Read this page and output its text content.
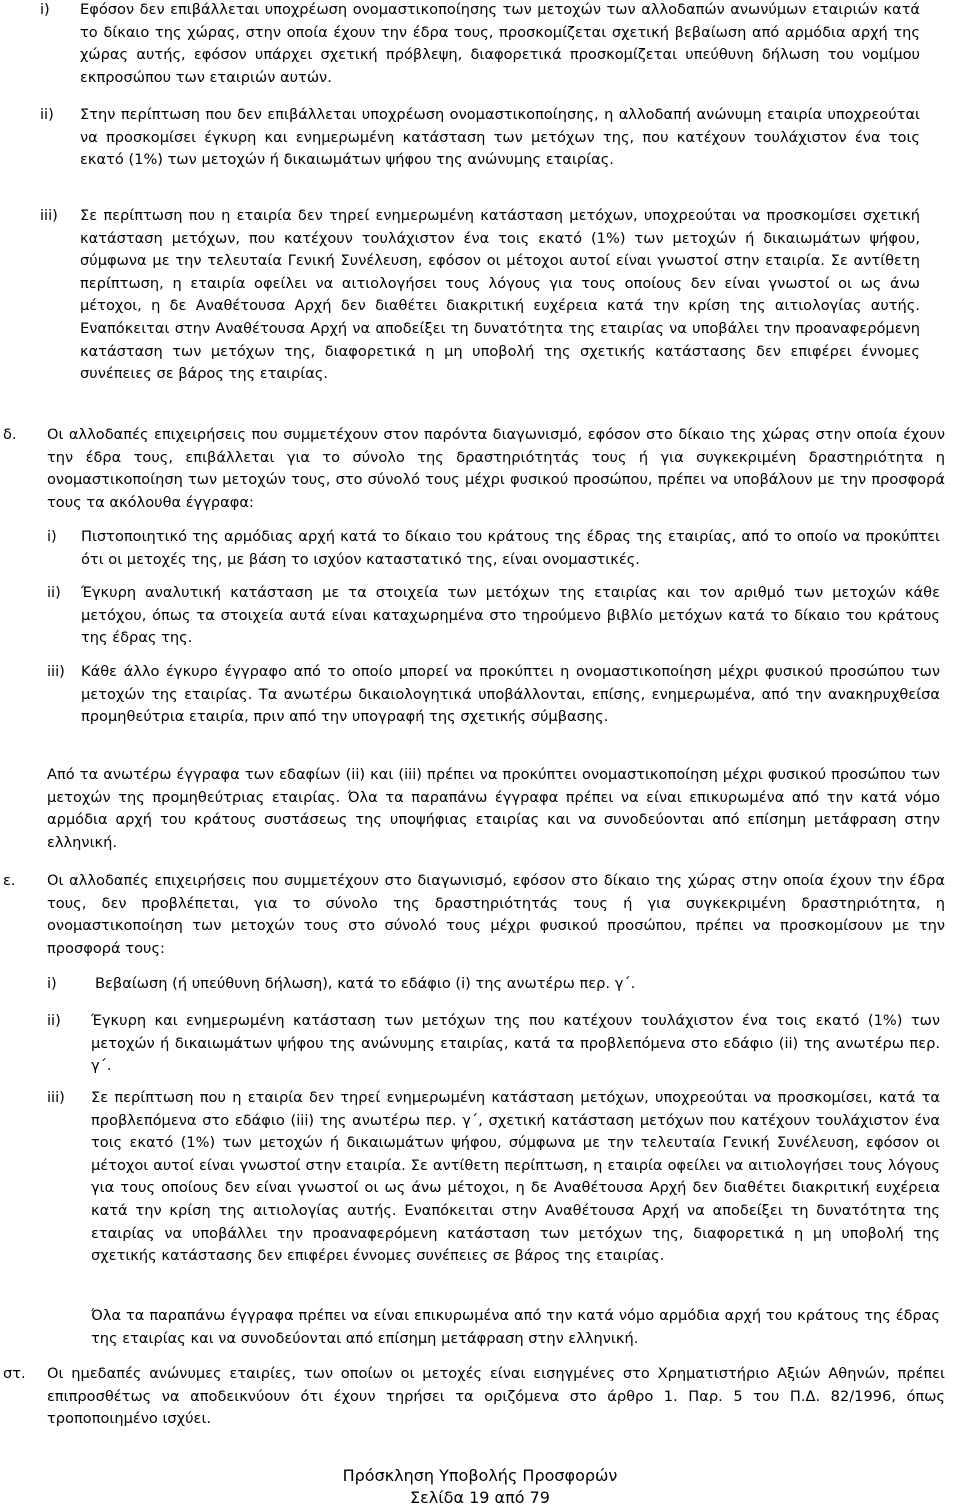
i) Εφόσον δεν επιβάλλεται υποχρέωση ονομαστικοποίησης των μετοχών των αλλοδαπών ανωνύμων εταιριών κατά το δίκαιο της χώρας, στην οποία έχουν την έδρα τους, προσκομίζεται σχετική βεβαίωση από αρμόδια αρχή της χώρας αυτής, εφόσον υπάρχει σχετική πρόβλεψη, διαφορετικά προσκομίζεται υπεύθυνη δήλωση του νομίμου εκπροσώπου των εταιριών αυτών.
ii) Στην περίπτωση που δεν επιβάλλεται υποχρέωση ονομαστικοποίησης, η αλλοδαπή ανώνυμη εταιρία υποχρεούται να προσκομίσει έγκυρη και ενημερωμένη κατάσταση των μετόχων της, που κατέχουν τουλάχιστον ένα τοις εκατό (1%) των μετοχών ή δικαιωμάτων ψήφου της ανώνυμης εταιρίας.
iii) Σε περίπτωση που η εταιρία δεν τηρεί ενημερωμένη κατάσταση μετόχων, υποχρεούται να προσκομίσει σχετική κατάσταση μετόχων, που κατέχουν τουλάχιστον ένα τοις εκατό (1%) των μετοχών ή δικαιωμάτων ψήφου, σύμφωνα με την τελευταία Γενική Συνέλευση, εφόσον οι μέτοχοι αυτοί είναι γνωστοί στην εταιρία. Σε αντίθετη περίπτωση, η εταιρία οφείλει να αιτιολογήσει τους λόγους για τους οποίους δεν είναι γνωστοί οι ως άνω μέτοχοι, η δε Αναθέτουσα Αρχή δεν διαθέτει διακριτική ευχέρεια κατά την κρίση της αιτιολογίας αυτής. Εναπόκειται στην Αναθέτουσα Αρχή να αποδείξει τη δυνατότητα της εταιρίας να υποβάλει την προαναφερόμενη κατάσταση των μετόχων της, διαφορετικά η μη υποβολή της σχετικής κατάστασης δεν επιφέρει έννομες συνέπειες σε βάρος της εταιρίας.
δ. Οι αλλοδαπές επιχειρήσεις που συμμετέχουν στον παρόντα διαγωνισμό, εφόσον στο δίκαιο της χώρας στην οποία έχουν την έδρα τους, επιβάλλεται για το σύνολο της δραστηριότητάς τους ή για συγκεκριμένη δραστηριότητα η ονομαστικοποίηση των μετοχών τους, στο σύνολό τους μέχρι φυσικού προσώπου, πρέπει να υποβάλουν με την προσφορά τους τα ακόλουθα έγγραφα:
i) Πιστοποιητικό της αρμόδιας αρχή κατά το δίκαιο του κράτους της έδρας της εταιρίας, από το οποίο να προκύπτει ότι οι μετοχές της, με βάση το ισχύον καταστατικό της, είναι ονομαστικές.
ii) Έγκυρη αναλυτική κατάσταση με τα στοιχεία των μετόχων της εταιρίας και τον αριθμό των μετοχών κάθε μετόχου, όπως τα στοιχεία αυτά είναι καταχωρημένα στο τηρούμενο βιβλίο μετόχων κατά το δίκαιο του κράτους της έδρας της.
iii) Κάθε άλλο έγκυρο έγγραφο από το οποίο μπορεί να προκύπτει η ονομαστικοποίηση μέχρι φυσικού προσώπου των μετοχών της εταιρίας. Τα ανωτέρω δικαιολογητικά υποβάλλονται, επίσης, ενημερωμένα, από την ανακηρυχθείσα προμηθεύτρια εταιρία, πριν από την υπογραφή της σχετικής σύμβασης.
Από τα ανωτέρω έγγραφα των εδαφίων (ii) και (iii) πρέπει να προκύπτει ονομαστικοποίηση μέχρι φυσικού προσώπου των μετοχών της προμηθεύτριας εταιρίας. Όλα τα παραπάνω έγγραφα πρέπει να είναι επικυρωμένα από την κατά νόμο αρμόδια αρχή του κράτους συστάσεως της υποψήφιας εταιρίας και να συνοδεύονται από επίσημη μετάφραση στην ελληνική.
ε. Οι αλλοδαπές επιχειρήσεις που συμμετέχουν στο διαγωνισμό, εφόσον στο δίκαιο της χώρας στην οποία έχουν την έδρα τους, δεν προβλέπεται, για το σύνολο της δραστηριότητάς τους ή για συγκεκριμένη δραστηριότητα, η ονομαστικοποίηση των μετοχών τους στο σύνολό τους μέχρι φυσικού προσώπου, πρέπει να προσκομίσουν με την προσφορά τους:
i)	Βεβαίωση (ή υπεύθυνη δήλωση), κατά το εδάφιο (i) της ανωτέρω περ. γ΄.
ii) Έγκυρη και ενημερωμένη κατάσταση των μετόχων της που κατέχουν τουλάχιστον ένα τοις εκατό (1%) των μετοχών ή δικαιωμάτων ψήφου της ανώνυμης εταιρίας, κατά τα προβλεπόμενα στο εδάφιο (ii) της ανωτέρω περ. γ΄.
iii) Σε περίπτωση που η εταιρία δεν τηρεί ενημερωμένη κατάσταση μετόχων, υποχρεούται να προσκομίσει, κατά τα προβλεπόμενα στο εδάφιο (iii) της ανωτέρω περ. γ΄, σχετική κατάσταση μετόχων που κατέχουν τουλάχιστον ένα τοις εκατό (1%) των μετοχών ή δικαιωμάτων ψήφου, σύμφωνα με την τελευταία Γενική Συνέλευση, εφόσον οι μέτοχοι αυτοί είναι γνωστοί στην εταιρία. Σε αντίθετη περίπτωση, η εταιρία οφείλει να αιτιολογήσει τους λόγους για τους οποίους δεν είναι γνωστοί οι ως άνω μέτοχοι, η δε Αναθέτουσα Αρχή δεν διαθέτει διακριτική ευχέρεια κατά την κρίση της αιτιολογίας αυτής. Εναπόκειται στην Αναθέτουσα Αρχή να αποδείξει τη δυνατότητα της εταιρίας να υποβάλλει την προαναφερόμενη κατάσταση των μετόχων της, διαφορετικά η μη υποβολή της σχετικής κατάστασης δεν επιφέρει έννομες συνέπειες σε βάρος της εταιρίας.
Όλα τα παραπάνω έγγραφα πρέπει να είναι επικυρωμένα από την κατά νόμο αρμόδια αρχή του κράτους της έδρας της εταιρίας και να συνοδεύονται από επίσημη μετάφραση στην ελληνική.
στ. Οι ημεδαπές ανώνυμες εταιρίες, των οποίων οι μετοχές είναι εισηγμένες στο Χρηματιστήριο Αξιών Αθηνών, πρέπει επιπροσθέτως να αποδεικνύουν ότι έχουν τηρήσει τα οριζόμενα στο άρθρο 1. Παρ. 5 του Π.Δ. 82/1996, όπως τροποποιημένο ισχύει.
Πρόσκληση Υποβολής Προσφορών
Σελίδα 19 από 79
